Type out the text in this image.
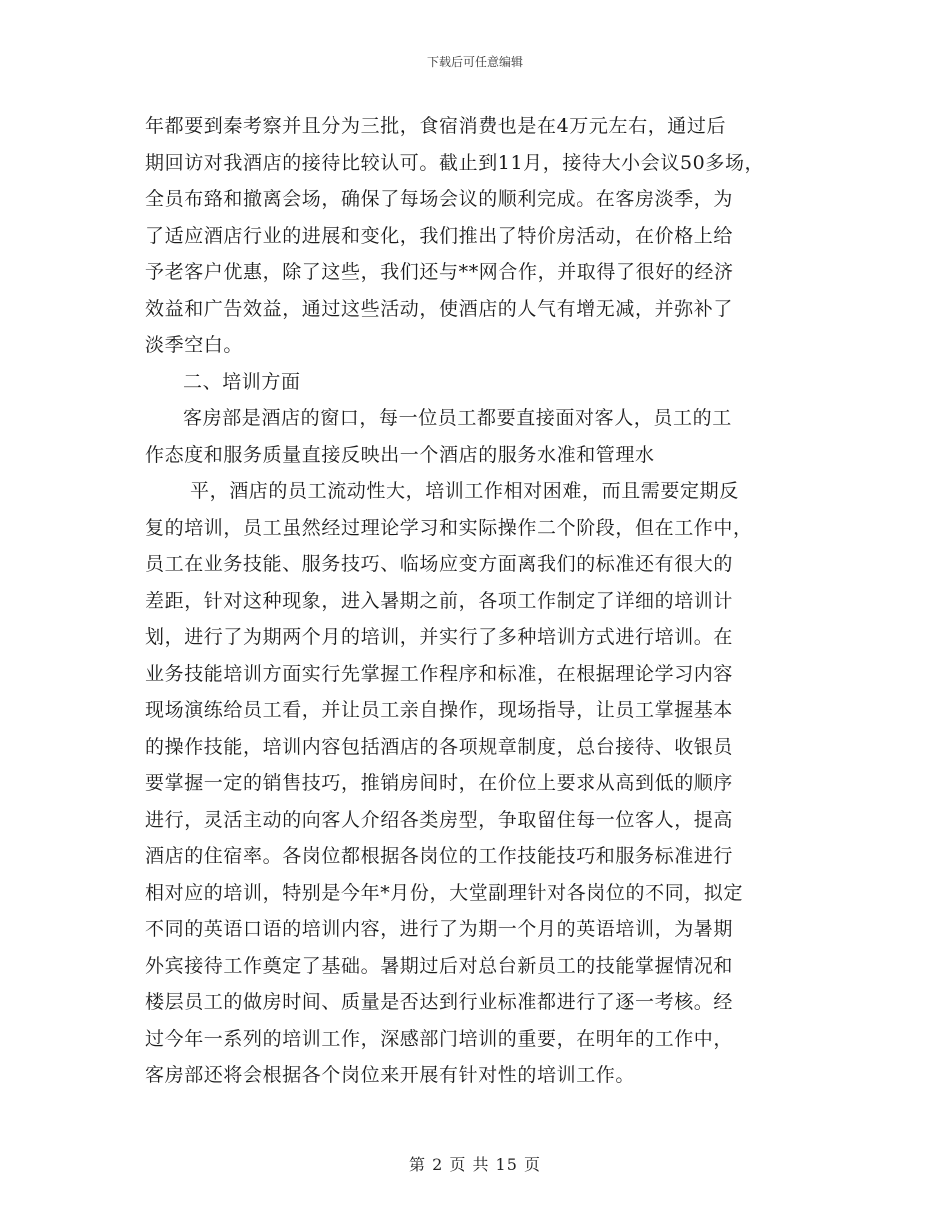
下载后可任意编辑
年都要到秦考察并且分为三批，食宿消费也是在4万元左右，通过后
期回访对我酒店的接待比较认可。截止到11月，接待大小会议50多场，
全员布臵和撤离会场，确保了每场会议的顺利完成。在客房淡季，为
了适应酒店行业的进展和变化，我们推出了特价房活动，在价格上给
予老客户优惠，除了这些，我们还与**网合作，并取得了很好的经济
效益和广告效益，通过这些活动，使酒店的人气有增无减，并弥补了
淡季空白。
二、培训方面
客房部是酒店的窗口，每一位员工都要直接面对客人，员工的工
作态度和服务质量直接反映出一个酒店的服务水准和管理水
平，酒店的员工流动性大，培训工作相对困难，而且需要定期反
复的培训，员工虽然经过理论学习和实际操作二个阶段，但在工作中，
员工在业务技能、服务技巧、临场应变方面离我们的标准还有很大的
差距，针对这种现象，进入暑期之前，各项工作制定了详细的培训计
划，进行了为期两个月的培训，并实行了多种培训方式进行培训。在
业务技能培训方面实行先掌握工作程序和标准，在根据理论学习内容
现场演练给员工看，并让员工亲自操作，现场指导，让员工掌握基本
的操作技能，培训内容包括酒店的各项规章制度，总台接待、收银员
要掌握一定的销售技巧，推销房间时，在价位上要求从高到低的顺序
进行，灵活主动的向客人介绍各类房型，争取留住每一位客人，提高
酒店的住宿率。各岗位都根据各岗位的工作技能技巧和服务标准进行
相对应的培训，特别是今年*月份，大堂副理针对各岗位的不同，拟定
不同的英语口语的培训内容，进行了为期一个月的英语培训，为暑期
外宾接待工作奠定了基础。暑期过后对总台新员工的技能掌握情况和
楼层员工的做房时间、质量是否达到行业标准都进行了逐一考核。经
过今年一系列的培训工作，深感部门培训的重要，在明年的工作中，
客房部还将会根据各个岗位来开展有针对性的培训工作。
第 2 页 共 15 页
